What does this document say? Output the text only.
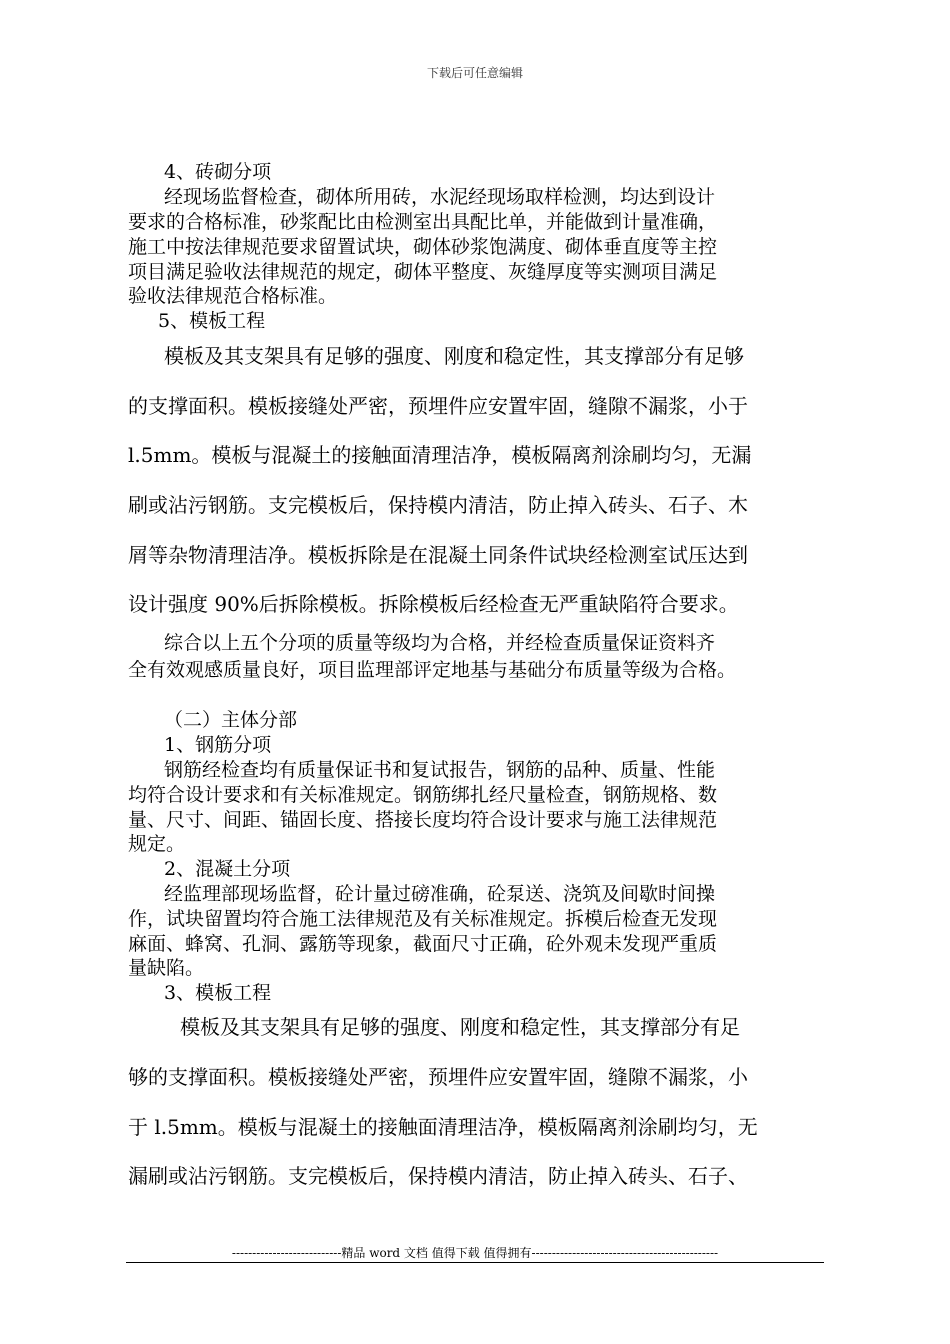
下载后可任意编辑
4、砖砌分项
经现场监督检查，砌体所用砖，水泥经现场取样检测，均达到设计
要求的合格标准，砂浆配比由检测室出具配比单，并能做到计量准确，
施工中按法律规范要求留置试块，砌体砂浆饱满度、砌体垂直度等主控
项目满足验收法律规范的规定，砌体平整度、灰缝厚度等实测项目满足
验收法律规范合格标准。
5、模板工程
模板及其支架具有足够的强度、刚度和稳定性，其支撑部分有足够
的支撑面积。模板接缝处严密，预埋件应安置牢固，缝隙不漏浆，小于
l.5mm。模板与混凝土的接触面清理洁净，模板隔离剂涂刷均匀，无漏
刷或沾污钢筋。支完模板后，保持模内清洁，防止掉入砖头、石子、木
屑等杂物清理洁净。模板拆除是在混凝土同条件试块经检测室试压达到
设计强度 90%后拆除模板。拆除模板后经检查无严重缺陷符合要求。
综合以上五个分项的质量等级均为合格，并经检查质量保证资料齐
全有效观感质量良好，项目监理部评定地基与基础分布质量等级为合格。
（二）主体分部
1、钢筋分项
钢筋经检查均有质量保证书和复试报告，钢筋的品种、质量、性能
均符合设计要求和有关标准规定。钢筋绑扎经尺量检查，钢筋规格、数
量、尺寸、间距、锚固长度、搭接长度均符合设计要求与施工法律规范
规定。
2、混凝土分项
经监理部现场监督，砼计量过磅准确，砼泵送、浇筑及间歇时间操
作，试块留置均符合施工法律规范及有关标准规定。拆模后检查无发现
麻面、蜂窝、孔洞、露筋等现象，截面尺寸正确，砼外观未发现严重质
量缺陷。
3、模板工程
模板及其支架具有足够的强度、刚度和稳定性，其支撑部分有足
够的支撑面积。模板接缝处严密，预埋件应安置牢固，缝隙不漏浆，小
于 l.5mm。模板与混凝土的接触面清理洁净，模板隔离剂涂刷均匀，无
漏刷或沾污钢筋。支完模板后，保持模内清洁，防止掉入砖头、石子、
---------------------------精品 word 文档 值得下载 值得拥有----------------------------------------------
